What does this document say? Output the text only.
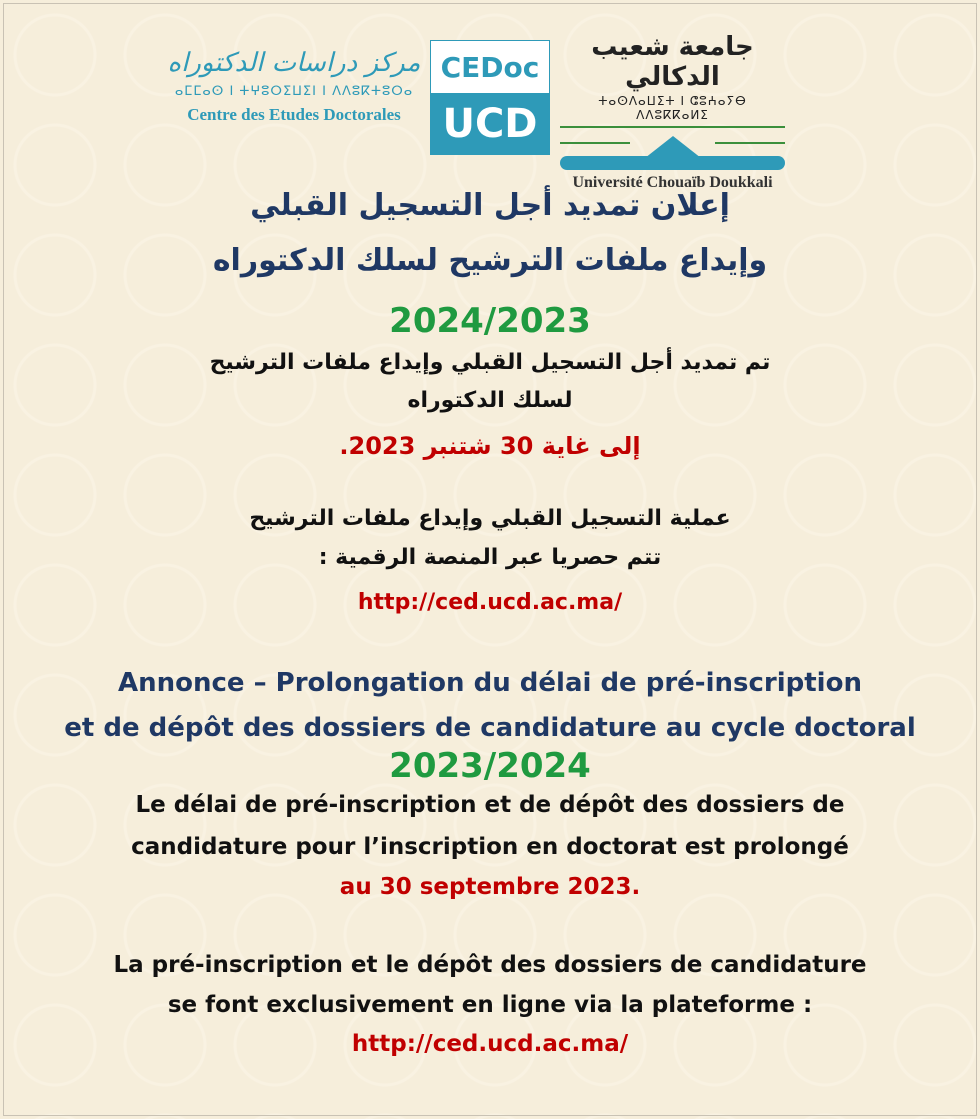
مركز دراسات الدكتوراه
ⴰⵎⵎⴰⵙ ⵏ ⵜⵖⵓⵔⵉⵡⵉⵏ ⵏ ⴷⴷⵓⴽⵜⵓⵔⴰ
Centre des Etudes Doctorales
CEDoc
UCD
جامعة شعيب الدكالي
ⵜⴰⵙⴷⴰⵡⵉⵜ ⵏ ⵛⵓⵄⴰⵢⴱ ⴷⴷⵓⴽⴽⴰⵍⵉ
Université Chouaïb Doukkali
إعلان تمديد أجل التسجيل القبلي
وإيداع ملفات الترشيح لسلك الدكتوراه
2024/2023
تم تمديد أجل التسجيل القبلي وإيداع ملفات الترشيح
لسلك الدكتوراه
إلى غاية 30 شتنبر 2023.
عملية التسجيل القبلي وإيداع ملفات الترشيح
تتم حصريا عبر المنصة الرقمية :
http://ced.ucd.ac.ma/
Annonce – Prolongation du délai de pré-inscription
et de dépôt des dossiers de candidature au cycle doctoral
2023/2024
Le délai de pré-inscription et de dépôt des dossiers de
candidature pour l’inscription en doctorat est prolongé
au 30 septembre 2023.
La pré-inscription et le dépôt des dossiers de candidature
se font exclusivement en ligne via la plateforme :
http://ced.ucd.ac.ma/
